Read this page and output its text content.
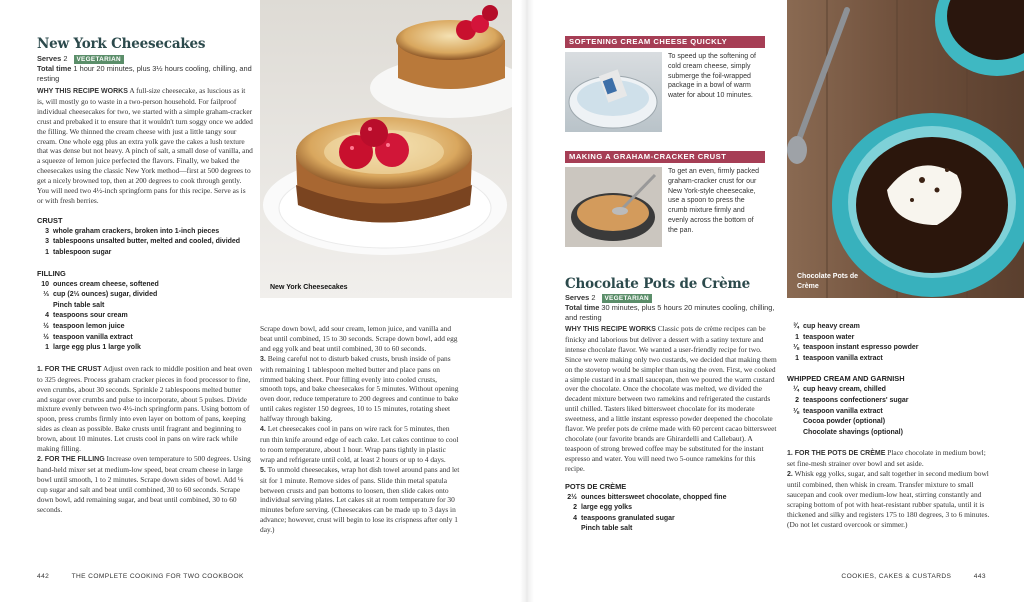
New York Cheesecakes
Serves 2 VEGETARIAN
Total time 1 hour 20 minutes, plus 3½ hours cooling, chilling, and resting
WHY THIS RECIPE WORKS A full-size cheesecake, as luscious as it is, will mostly go to waste in a two-person household. For failproof individual cheesecakes for two, we started with a simple graham-cracker crust and prebaked it to ensure that it wouldn't turn soggy once we added the filling. We thinned the cream cheese with just a little tangy sour cream. One whole egg plus an extra yolk gave the cakes a lush texture that was dense but not heavy. A pinch of salt, a small dose of vanilla, and a squeeze of lemon juice perfected the flavors. Finally, we baked the cheesecakes using the classic New York method—first at 500 degrees to get a nicely browned top, then at 200 degrees to cook through gently. You will need two 4½-inch springform pans for this recipe. Serve as is or with fresh berries.
CRUST
3 whole graham crackers, broken into 1-inch pieces
3 tablespoons unsalted butter, melted and cooled, divided
1 tablespoon sugar
FILLING
10 ounces cream cheese, softened
⅓ cup (2⅓ ounces) sugar, divided
Pinch table salt
4 teaspoons sour cream
½ teaspoon lemon juice
½ teaspoon vanilla extract
1 large egg plus 1 large yolk
1. FOR THE CRUST Adjust oven rack to middle position and heat oven to 325 degrees. Process graham cracker pieces in food processor to fine, even crumbs, about 30 seconds. Sprinkle 2 tablespoons melted butter and sugar over crumbs and pulse to incorporate, about 5 pulses. Divide mixture evenly between two 4½-inch springform pans. Using bottom of spoon, press crumbs firmly into even layer on bottom of pans, keeping sides as clean as possible. Bake crusts until fragrant and beginning to brown, about 10 minutes. Let crusts cool in pans on wire rack while making filling.
2. FOR THE FILLING Increase oven temperature to 500 degrees. Using hand-held mixer set at medium-low speed, beat cream cheese in large bowl until smooth, 1 to 2 minutes. Scrape down sides of bowl. Add ⅛ cup sugar and salt and beat until combined, 30 to 60 seconds. Scrape down bowl, add remaining sugar, and beat until combined, 30 to 60 seconds.
New York Cheesecakes
Scrape down bowl, add sour cream, lemon juice, and vanilla and beat until combined, 15 to 30 seconds. Scrape down bowl, add egg and egg yolk and beat until combined, 30 to 60 seconds.
3. Being careful not to disturb baked crusts, brush inside of pans with remaining 1 tablespoon melted butter and place pans on rimmed baking sheet. Pour filling evenly into cooled crusts, smooth tops, and bake cheesecakes for 5 minutes. Without opening oven door, reduce temperature to 200 degrees and continue to bake until cakes register 150 degrees, 10 to 15 minutes, rotating sheet halfway through baking.
4. Let cheesecakes cool in pans on wire rack for 5 minutes, then run thin knife around edge of each cake. Let cakes continue to cool to room temperature, about 1 hour. Wrap pans tightly in plastic wrap and refrigerate until cold, at least 2 hours or up to 4 days.
5. To unmold cheesecakes, wrap hot dish towel around pans and let sit for 1 minute. Remove sides of pans. Slide thin metal spatula between crusts and pan bottoms to loosen, then slide cakes onto individual serving plates. Let cakes sit at room temperature for 30 minutes before serving. (Cheesecakes can be made up to 3 days in advance; however, crust will begin to lose its crispness after only 1 day.)
442	THE COMPLETE COOKING FOR TWO COOKBOOK
SOFTENING CREAM CHEESE QUICKLY
To speed up the softening of cold cream cheese, simply submerge the foil-wrapped package in a bowl of warm water for about 10 minutes.
MAKING A GRAHAM-CRACKER CRUST
To get an even, firmly packed graham-cracker crust for our New York-style cheesecake, use a spoon to press the crumb mixture firmly and evenly across the bottom of the pan.
Chocolate Pots de Crème
Chocolate Pots de Crème
Serves 2 VEGETARIAN
Total time 30 minutes, plus 5 hours 20 minutes cooling, chilling, and resting
WHY THIS RECIPE WORKS Classic pots de crème recipes can be finicky and laborious but deliver a dessert with a satiny texture and intense chocolate flavor. We wanted a user-friendly recipe for two. Since we were making only two custards, we decided that making them on the stovetop would be simpler than using the oven. First, we cooked a simple custard in a small saucepan, then we poured the warm custard over the chocolate. Once the chocolate was melted, we divided the decadent mixture between two ramekins and refrigerated the custards until chilled. Tasters liked bittersweet chocolate for its moderate sweetness, and a little instant espresso powder deepened the chocolate flavor. We prefer pots de crème made with 60 percent cacao bittersweet chocolate (our favorite brands are Ghirardelli and Callebaut). A teaspoon of strong brewed coffee may be substituted for the instant espresso and water. You will need two 5-ounce ramekins for this recipe.
POTS DE CRÈME
2½ ounces bittersweet chocolate, chopped fine
2 large egg yolks
4 teaspoons granulated sugar
Pinch table salt
¾ cup heavy cream
1 teaspoon water
⅛ teaspoon instant espresso powder
1 teaspoon vanilla extract
WHIPPED CREAM AND GARNISH
¼ cup heavy cream, chilled
2 teaspoons confectioners' sugar
⅛ teaspoon vanilla extract
Cocoa powder (optional)
Chocolate shavings (optional)
1. FOR THE POTS DE CRÈME Place chocolate in medium bowl; set fine-mesh strainer over bowl and set aside.
2. Whisk egg yolks, sugar, and salt together in second medium bowl until combined, then whisk in cream. Transfer mixture to small saucepan and cook over medium-low heat, stirring constantly and scraping bottom of pot with heat-resistant rubber spatula, until it is thickened and silky and registers 175 to 180 degrees, 3 to 6 minutes. (Do not let custard overcook or simmer.)
COOKIES, CAKES & CUSTARDS	443
